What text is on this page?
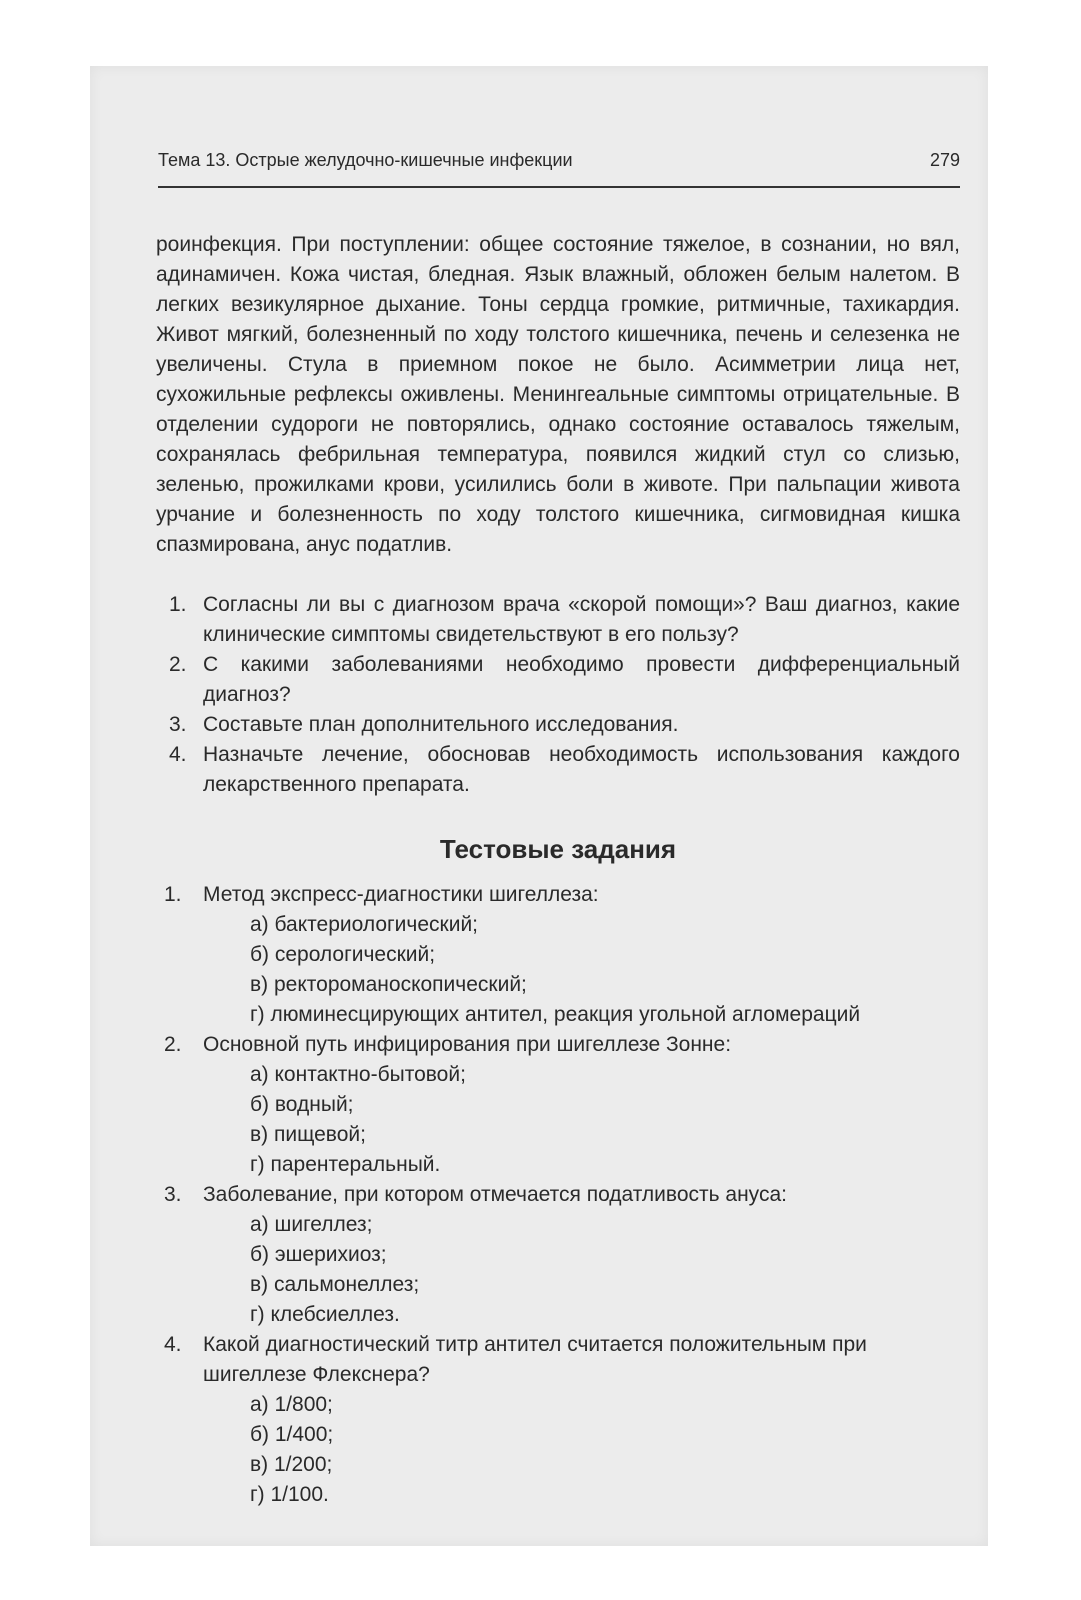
Тема 13. Острые желудочно-кишечные инфекции	279
роинфекция. При поступлении: общее состояние тяжелое, в сознании, но вял, адинамичен. Кожа чистая, бледная. Язык влажный, обложен белым налетом. В легких везикулярное дыхание. Тоны сердца громкие, ритмичные, тахикардия. Живот мягкий, болезненный по ходу толстого кишечника, печень и селезенка не увеличены. Стула в приемном покое не было. Асимметрии лица нет, сухожильные рефлексы оживлены. Менингеальные симптомы отрицательные. В отделении судороги не повторялись, однако состояние оставалось тяжелым, сохранялась фебрильная температура, появился жидкий стул со слизью, зеленью, прожилками крови, усилились боли в животе. При пальпации живота урчание и болезненность по ходу толстого кишечника, сигмовидная кишка спазмирована, анус податлив.
1. Согласны ли вы с диагнозом врача «скорой помощи»? Ваш диагноз, какие клинические симптомы свидетельствуют в его пользу?
2. С какими заболеваниями необходимо провести дифференциальный диагноз?
3. Составьте план дополнительного исследования.
4. Назначьте лечение, обосновав необходимость использования каждого лекарственного препарата.
Тестовые задания
1. Метод экспресс-диагностики шигеллеза:
а) бактериологический;
б) серологический;
в) ректороманоскопический;
г) люминесцирующих антител, реакция угольной агломераций
2. Основной путь инфицирования при шигеллезе Зонне:
а) контактно-бытовой;
б) водный;
в) пищевой;
г) парентеральный.
3. Заболевание, при котором отмечается податливость ануса:
а) шигеллез;
б) эшерихиоз;
в) сальмонеллез;
г) клебсиеллез.
4. Какой диагностический титр антител считается положительным при шигеллезе Флекснера?
а) 1/800;
б) 1/400;
в) 1/200;
г) 1/100.
